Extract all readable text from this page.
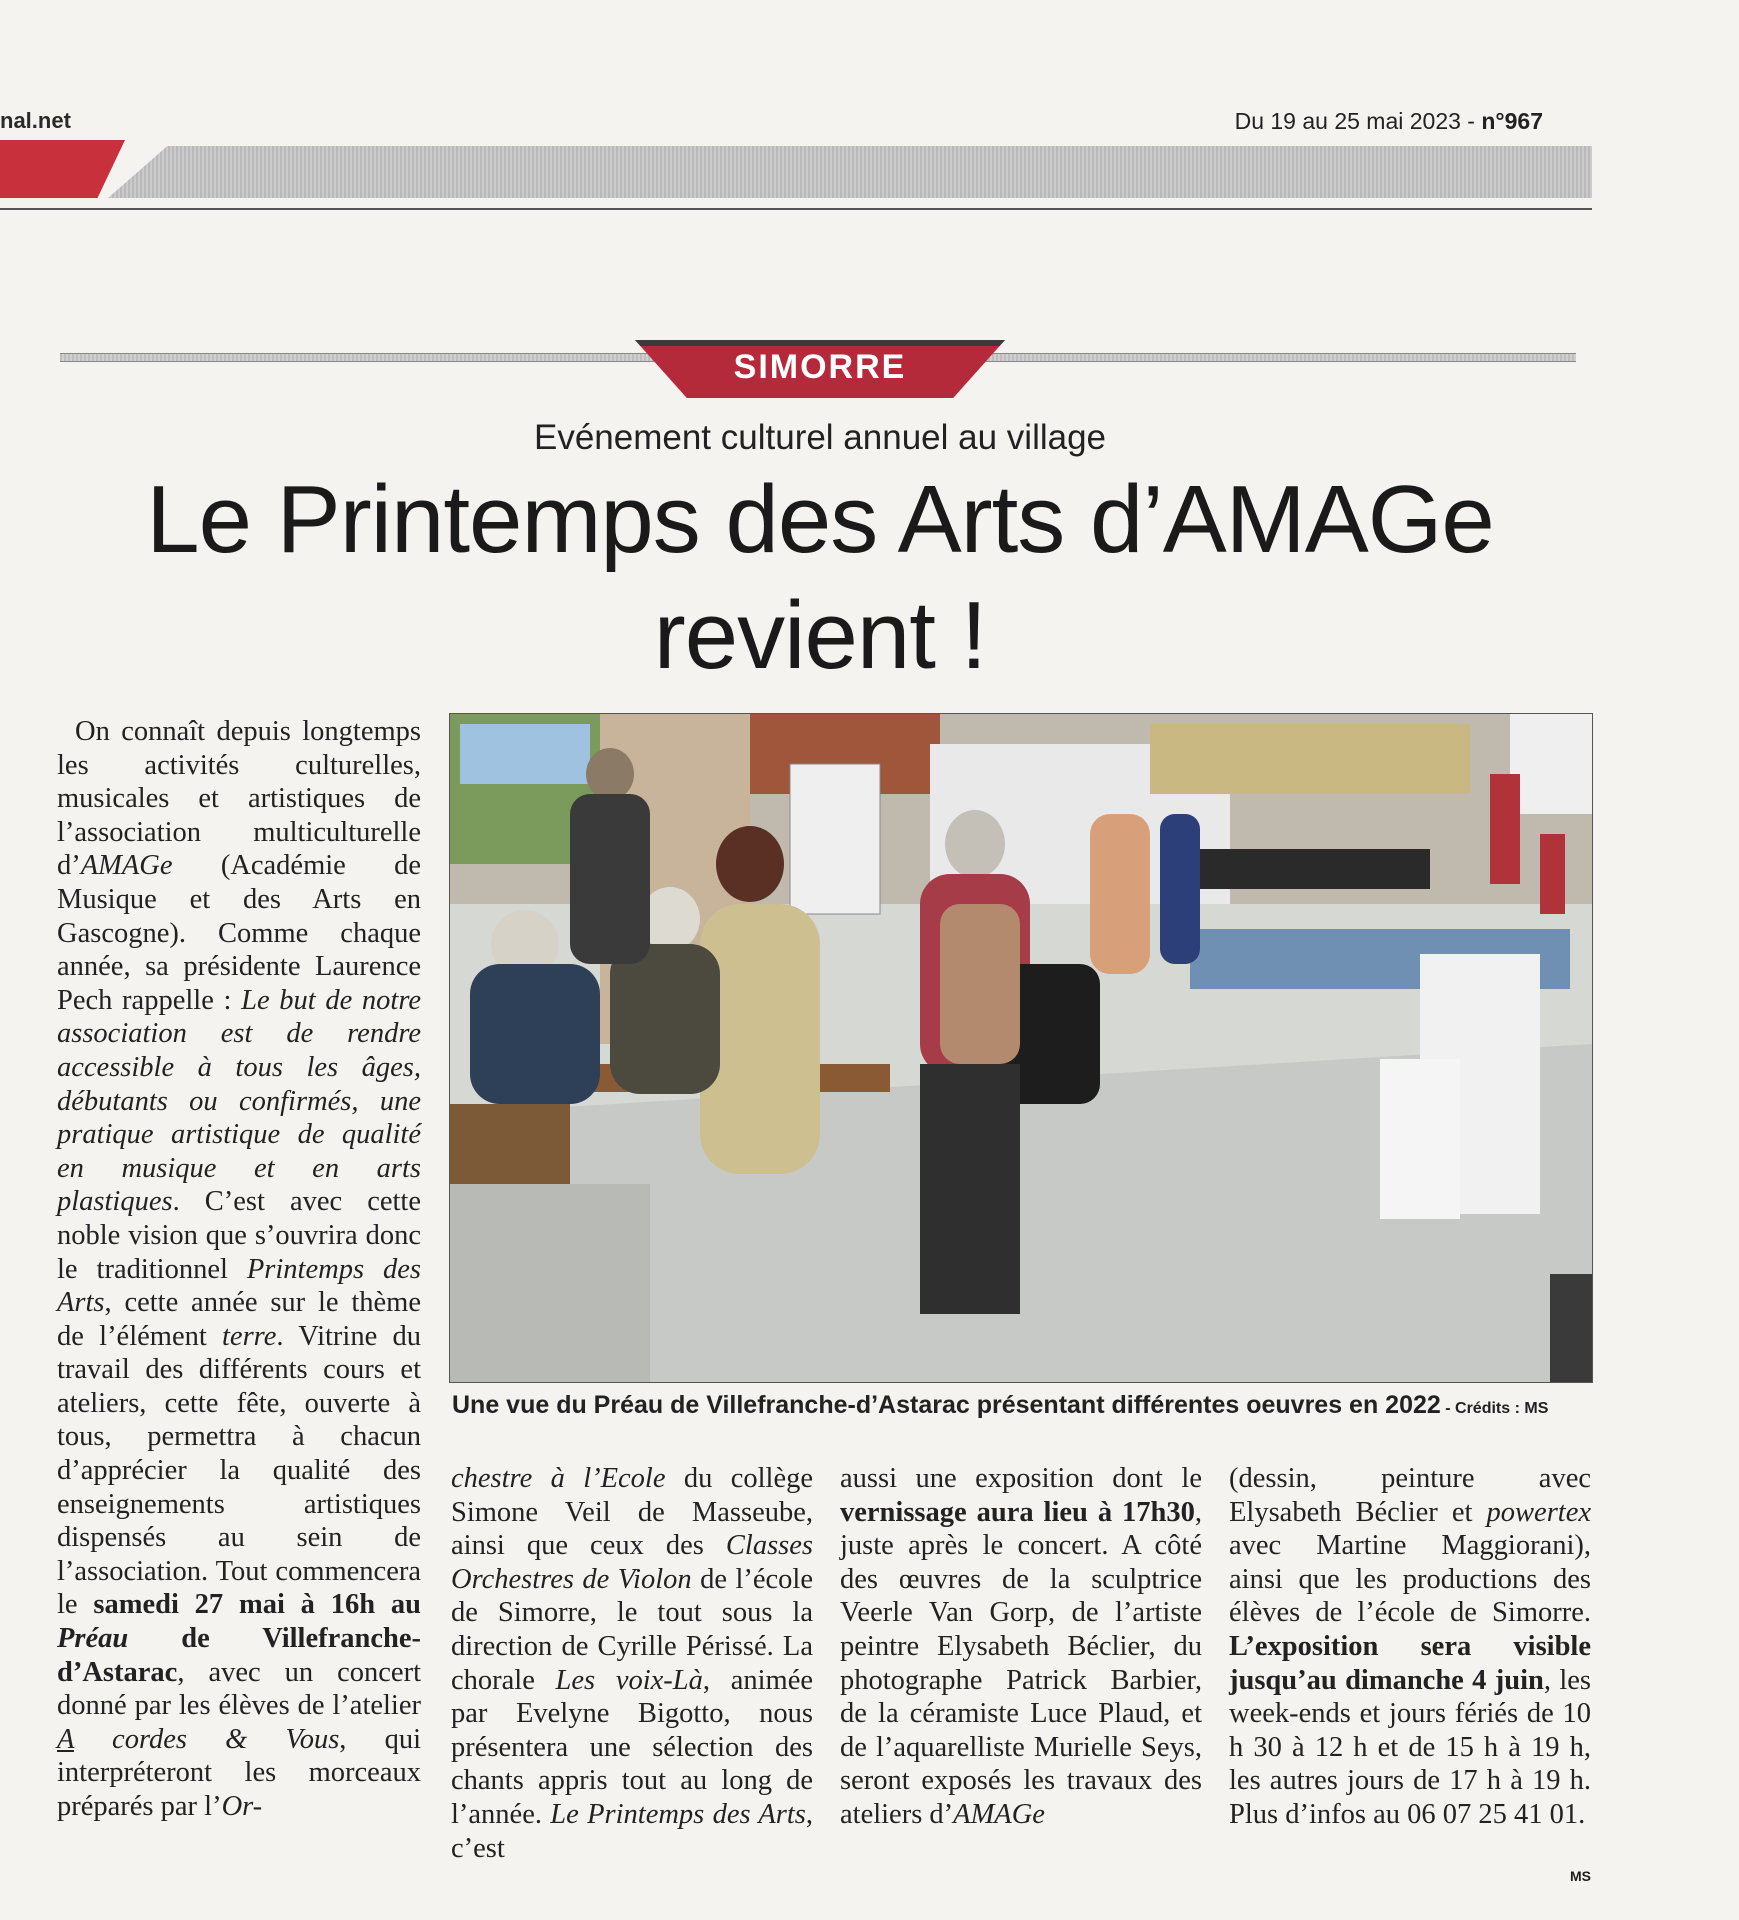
nal.net	Du 19 au 25 mai 2023 - n°967
SIMORRE
Evénement culturel annuel au village
Le Printemps des Arts d’AMAGe revient !
On connaît depuis longtemps les activités culturelles, musicales et artistiques de l’association multiculturelle d’AMAGe (Académie de Musique et des Arts en Gascogne). Comme chaque année, sa présidente Laurence Pech rappelle : Le but de notre association est de rendre accessible à tous les âges, débutants ou confirmés, une pratique artistique de qualité en musique et en arts plastiques. C’est avec cette noble vision que s’ouvrira donc le traditionnel Printemps des Arts, cette année sur le thème de l’élément terre. Vitrine du travail des différents cours et ateliers, cette fête, ouverte à tous, permettra à chacun d’apprécier la qualité des enseignements artistiques dispensés au sein de l’association. Tout commencera le samedi 27 mai à 16h au Préau de Villefranche-d’Astarac, avec un concert donné par les élèves de l’atelier A cordes & Vous, qui interpréteront les morceaux préparés par l’Or-
Une vue du Préau de Villefranche-d’Astarac présentant différentes oeuvres en 2022 - Crédits : MS
chestre à l’Ecole du collège Simone Veil de Masseube, ainsi que ceux des Classes Orchestres de Violon de l’école de Simorre, le tout sous la direction de Cyrille Périssé. La chorale Les voix-Là, animée par Evelyne Bigotto, nous présentera une sélection des chants appris tout au long de l’année. Le Printemps des Arts, c’est
aussi une exposition dont le vernissage aura lieu à 17h30, juste après le concert. A côté des œuvres de la sculptrice Veerle Van Gorp, de l’artiste peintre Elysabeth Béclier, du photographe Patrick Barbier, de la céramiste Luce Plaud, et de l’aquarelliste Murielle Seys, seront exposés les travaux des ateliers d’AMAGe
(dessin, peinture avec Elysabeth Béclier et powertex avec Martine Maggiorani), ainsi que les productions des élèves de l’école de Simorre. L’exposition sera visible jusqu’au dimanche 4 juin, les week-ends et jours fériés de 10 h 30 à 12 h et de 15 h à 19 h, les autres jours de 17 h à 19 h. Plus d’infos au 06 07 25 41 01.
MS
